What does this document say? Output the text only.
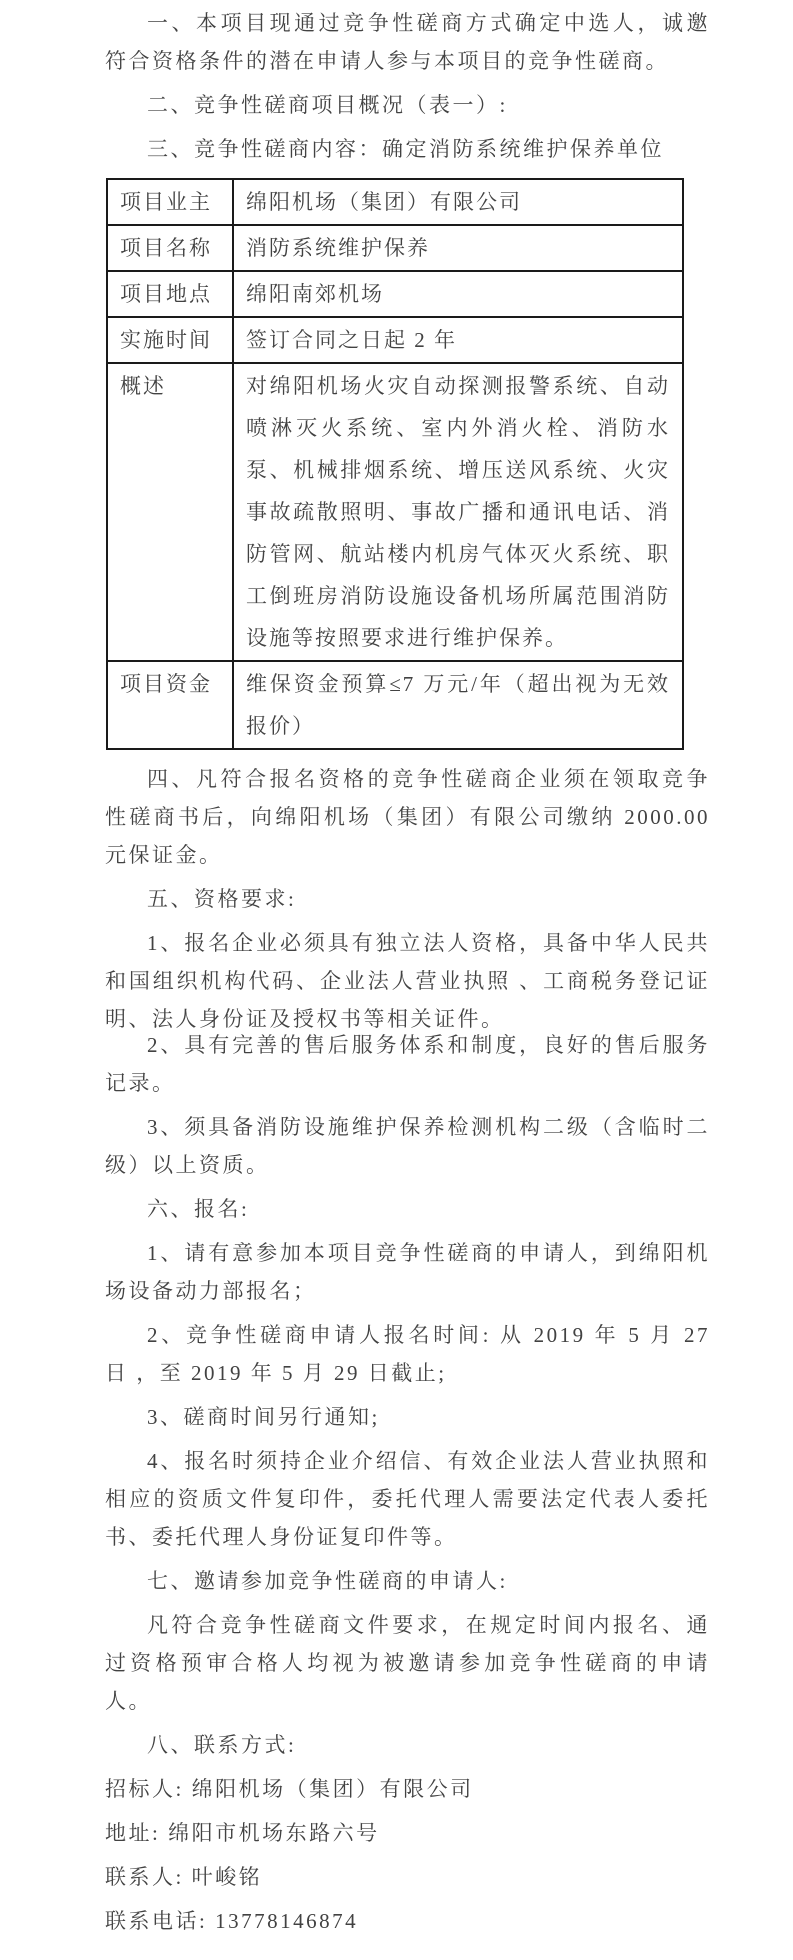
一、本项目现通过竞争性磋商方式确定中选人，诚邀符合资格条件的潜在申请人参与本项目的竞争性磋商。

二、竞争性磋商项目概况（表一）:

三、竞争性磋商内容：确定消防系统维护保养单位

项目业主	绵阳机场（集团）有限公司
项目名称	消防系统维护保养
项目地点	绵阳南郊机场
实施时间	签订合同之日起 2 年
概述	对绵阳机场火灾自动探测报警系统、自动喷淋灭火系统、室内外消火栓、消防水泵、机械排烟系统、增压送风系统、火灾事故疏散照明、事故广播和通讯电话、消防管网、航站楼内机房气体灭火系统、职工倒班房消防设施设备机场所属范围消防设施等按照要求进行维护保养。
项目资金	维保资金预算≤7 万元/年（超出视为无效报价）

四、凡符合报名资格的竞争性磋商企业须在领取竞争性磋商书后，向绵阳机场（集团）有限公司缴纳 2000.00 元保证金。

五、资格要求:

1、报名企业必须具有独立法人资格，具备中华人民共和国组织机构代码、企业法人营业执照 、工商税务登记证明、法人身份证及授权书等相关证件。

2、具有完善的售后服务体系和制度，良好的售后服务记录。

3、须具备消防设施维护保养检测机构二级（含临时二级）以上资质。

六、报名:

1、请有意参加本项目竞争性磋商的申请人，到绵阳机场设备动力部报名；

2、竞争性磋商申请人报名时间: 从 2019 年 5 月 27 日 ，至 2019 年 5 月 29 日截止;

3、磋商时间另行通知;

4、报名时须持企业介绍信、有效企业法人营业执照和相应的资质文件复印件，委托代理人需要法定代表人委托书、委托代理人身份证复印件等。

七、邀请参加竞争性磋商的申请人:

凡符合竞争性磋商文件要求，在规定时间内报名、通过资格预审合格人均视为被邀请参加竞争性磋商的申请人。

八、联系方式:

招标人: 绵阳机场（集团）有限公司

地址: 绵阳市机场东路六号

联系人: 叶峻铭

联系电话: 13778146874
